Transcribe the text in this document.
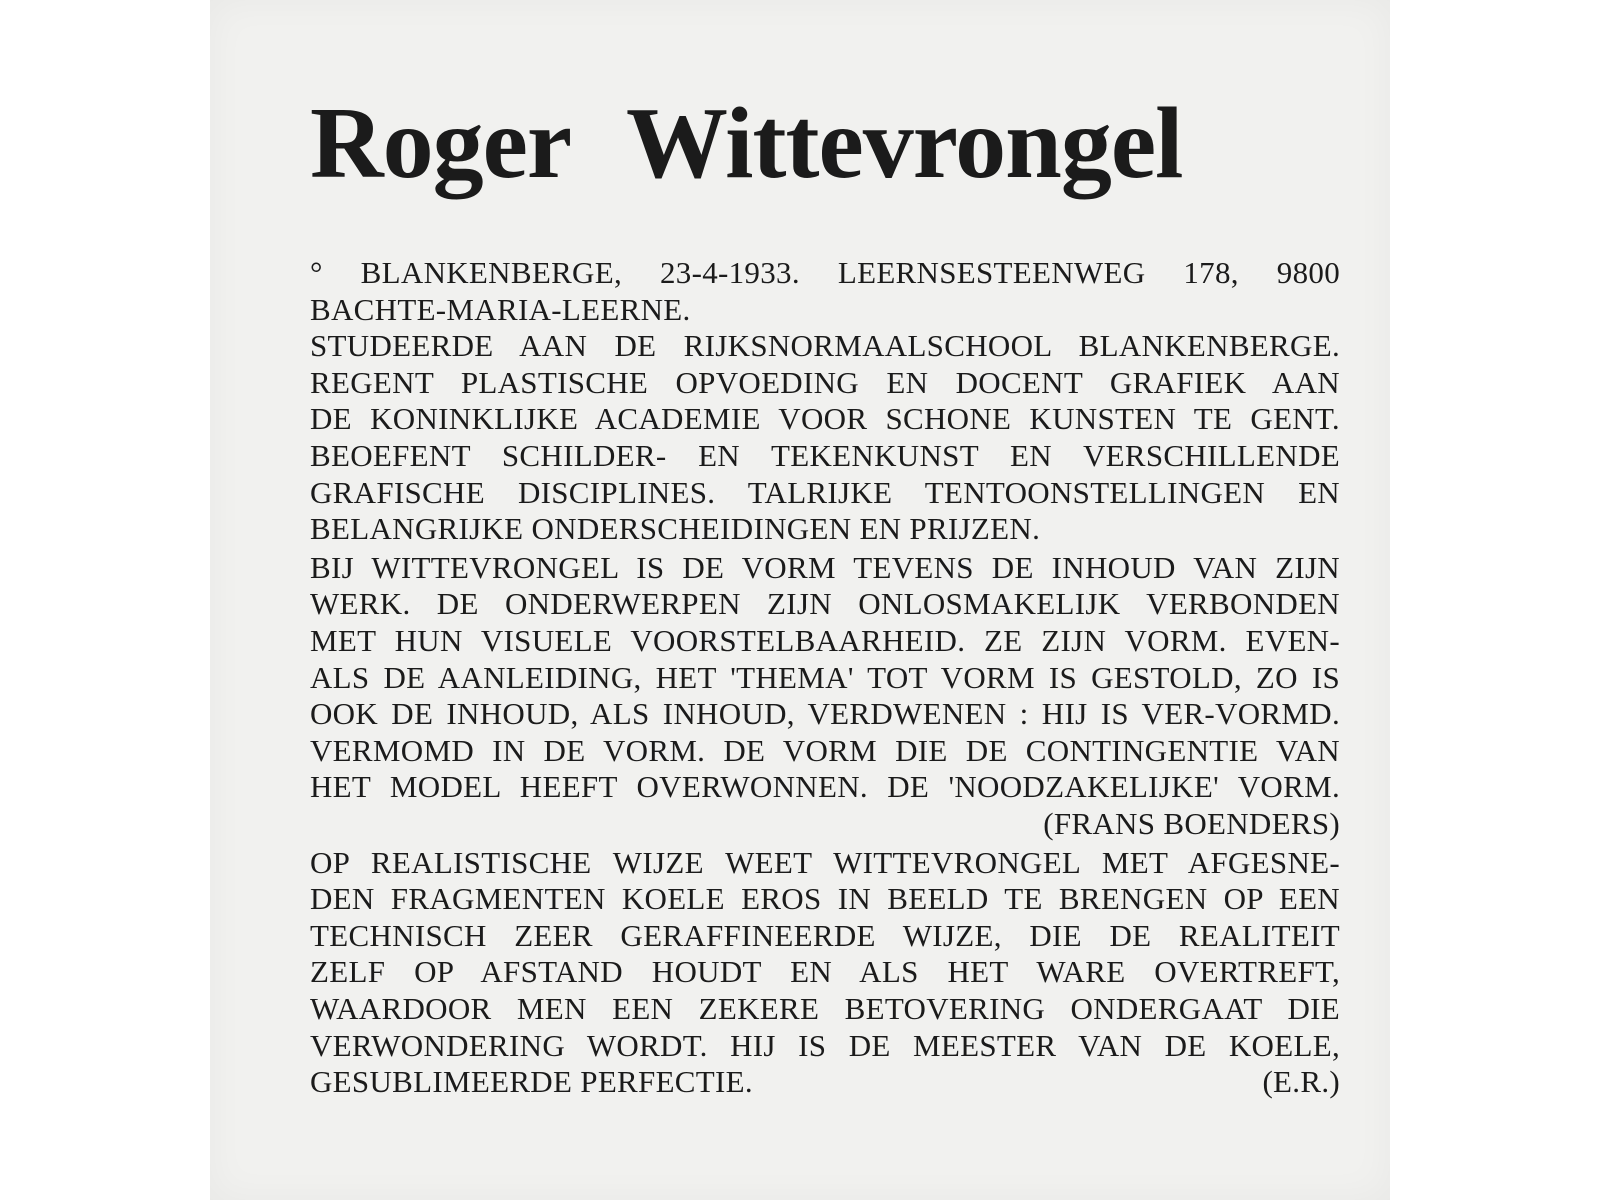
Roger Wittevrongel
° BLANKENBERGE, 23-4-1933. LEERNSESTEENWEG 178, 9800
BACHTE-MARIA-LEERNE.
STUDEERDE AAN DE RIJKSNORMAALSCHOOL BLANKENBERGE.
REGENT PLASTISCHE OPVOEDING EN DOCENT GRAFIEK AAN
DE KONINKLIJKE ACADEMIE VOOR SCHONE KUNSTEN TE GENT.
BEOEFENT SCHILDER- EN TEKENKUNST EN VERSCHILLENDE
GRAFISCHE DISCIPLINES. TALRIJKE TENTOONSTELLINGEN EN
BELANGRIJKE ONDERSCHEIDINGEN EN PRIJZEN.
BIJ WITTEVRONGEL IS DE VORM TEVENS DE INHOUD VAN ZIJN
WERK. DE ONDERWERPEN ZIJN ONLOSMAKELIJK VERBONDEN
MET HUN VISUELE VOORSTELBAARHEID. ZE ZIJN VORM. EVEN-
ALS DE AANLEIDING, HET 'THEMA' TOT VORM IS GESTOLD, ZO IS
OOK DE INHOUD, ALS INHOUD, VERDWENEN : HIJ IS VER-VORMD.
VERMOMD IN DE VORM. DE VORM DIE DE CONTINGENTIE VAN
HET MODEL HEEFT OVERWONNEN. DE 'NOODZAKELIJKE' VORM.
(FRANS BOENDERS)
OP REALISTISCHE WIJZE WEET WITTEVRONGEL MET AFGESNE-
DEN FRAGMENTEN KOELE EROS IN BEELD TE BRENGEN OP EEN
TECHNISCH ZEER GERAFFINEERDE WIJZE, DIE DE REALITEIT
ZELF OP AFSTAND HOUDT EN ALS HET WARE OVERTREFT,
WAARDOOR MEN EEN ZEKERE BETOVERING ONDERGAAT DIE
VERWONDERING WORDT. HIJ IS DE MEESTER VAN DE KOELE,
GESUBLIMEERDE PERFECTIE.	(E.R.)
